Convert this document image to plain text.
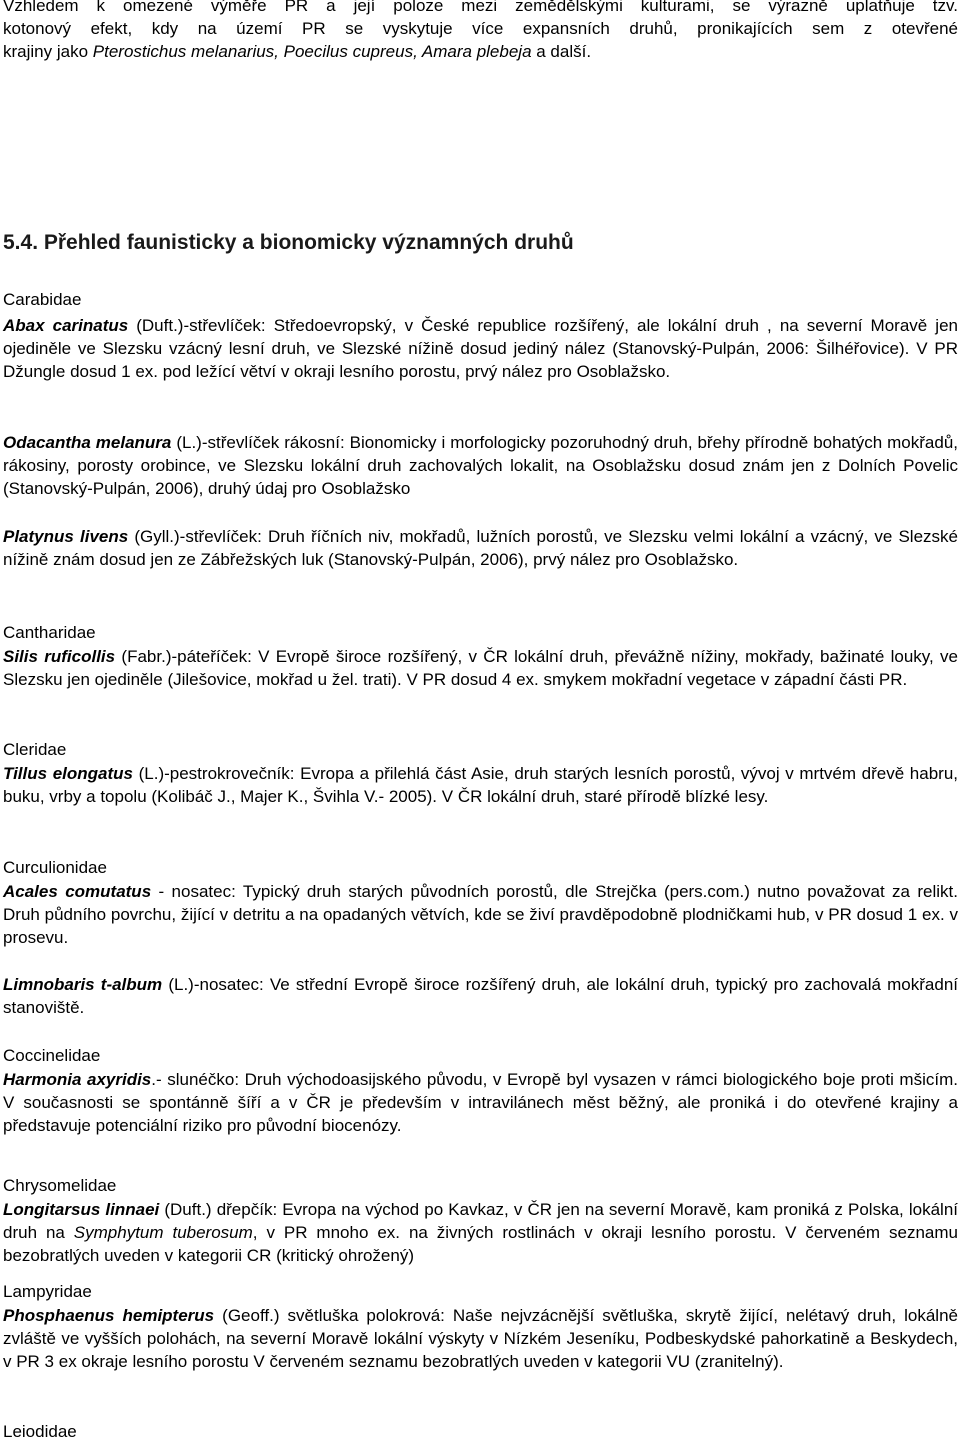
Vzhledem k omezené výměře PR a její poloze mezi zemědělskými kulturami, se výrazně uplatňuje tzv.
kotonový efekt, kdy na území PR se vyskytuje více expansních druhů, pronikajících sem z otevřené
krajiny jako Pterostichus melanarius, Poecilus cupreus, Amara plebeja a další.
5.4. Přehled faunisticky a bionomicky významných druhů
Carabidae

Abax carinatus (Duft.)-střevlíček: Středoevropský, v České republice rozšířený, ale lokální druh , na severní Moravě jen ojediněle ve Slezsku vzácný lesní druh, ve Slezské nížině dosud jediný nález (Stanovský-Pulpán, 2006: Šilhéřovice). V PR Džungle dosud 1 ex. pod ležící větví v okraji lesního porostu, prvý nález pro Osoblažsko.

Odacantha melanura (L.)-střevlíček rákosní: Bionomicky i morfologicky pozoruhodný druh, břehy přírodně bohatých mokřadů, rákosiny, porosty orobince, ve Slezsku lokální druh zachovalých lokalit, na Osoblažsku dosud znám jen z Dolních Povelic (Stanovský-Pulpán, 2006), druhý údaj pro Osoblažsko

Platynus livens (Gyll.)-střevlíček: Druh říčních niv, mokřadů, lužních porostů, ve Slezsku velmi lokální a vzácný, ve Slezské nížině znám dosud jen ze Zábřežských luk (Stanovský-Pulpán, 2006), prvý nález pro Osoblažsko.

Cantharidae

Silis ruficollis (Fabr.)-páteříček: V Evropě široce rozšířený, v ČR lokální druh, převážně nížiny, mokřady, bažinaté louky, ve Slezsku jen ojediněle (Jilešovice, mokřad u žel. trati). V PR dosud 4 ex. smykem mokřadní vegetace v západní části PR.

Cleridae

Tillus elongatus (L.)-pestrokrovečník: Evropa a přilehlá část Asie, druh starých lesních porostů, vývoj v mrtvém dřevě habru, buku, vrby a topolu (Kolibáč J., Majer K., Švihla V.- 2005). V ČR lokální druh, staré přírodě blízké lesy.

Curculionidae

Acales comutatus - nosatec: Typický druh starých původních porostů, dle Strejčka (pers.com.) nutno považovat za relikt. Druh půdního povrchu, žijící v detritu a na opadaných větvích, kde se živí pravděpodobně plodničkami hub, v PR dosud 1 ex. v prosevu.

Limnobaris t-album (L.)-nosatec: Ve střední Evropě široce rozšířený druh, ale lokální druh, typický pro zachovalá mokřadní stanoviště.

Coccinelidae

Harmonia axyridis.- slunéčko: Druh východoasijského původu, v Evropě byl vysazen v rámci biologického boje proti mšicím. V současnosti se spontánně šíří a v ČR je především v intravilánech měst běžný, ale proniká i do otevřené krajiny a představuje potenciální riziko pro původní biocenózy.

Chrysomelidae

Longitarsus linnaei (Duft.) dřepčík: Evropa na východ po Kavkaz, v ČR jen na severní Moravě, kam proniká z Polska, lokální druh na Symphytum tuberosum, v PR mnoho ex. na živných rostlinách v okraji lesního porostu. V červeném seznamu bezobratlých uveden v kategorii CR (kritický ohrožený)

Lampyridae

Phosphaenus hemipterus (Geoff.) světluška polokrová: Naše nejvzácnější světluška, skrytě žijící, nelétavý druh, lokálně zvláště ve vyšších polohách, na severní Moravě lokální výskyty v Nízkém Jeseníku, Podbeskydské pahorkatině a Beskydech, v PR 3 ex okraje lesního porostu V červeném seznamu bezobratlých uveden v kategorii VU (zranitelný).

Leiodidae
